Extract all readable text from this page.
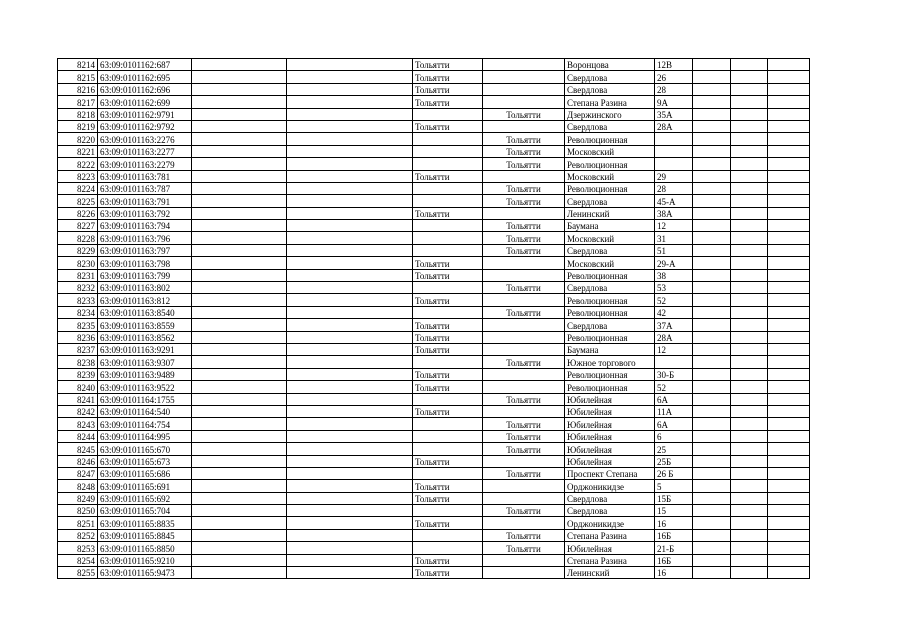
8214	63:09:0101162:687			Тольятти		Воронцова	12В			
8215	63:09:0101162:695			Тольятти		Свердлова	26			
8216	63:09:0101162:696			Тольятти		Свердлова	28			
8217	63:09:0101162:699			Тольятти		Степана Разина	9А			
8218	63:09:0101162:9791				Тольятти	Дзержинского	35А			
8219	63:09:0101162:9792			Тольятти		Свердлова	28А			
8220	63:09:0101163:2276				Тольятти	Революционная				
8221	63:09:0101163:2277				Тольятти	Московский				
8222	63:09:0101163:2279				Тольятти	Революционная				
8223	63:09:0101163:781			Тольятти		Московский	29			
8224	63:09:0101163:787				Тольятти	Революционная	28			
8225	63:09:0101163:791				Тольятти	Свердлова	45-А			
8226	63:09:0101163:792			Тольятти		Ленинский	38А			
8227	63:09:0101163:794				Тольятти	Баумана	12			
8228	63:09:0101163:796				Тольятти	Московский	31			
8229	63:09:0101163:797				Тольятти	Свердлова	51			
8230	63:09:0101163:798			Тольятти		Московский	29-А			
8231	63:09:0101163:799			Тольятти		Революционная	38			
8232	63:09:0101163:802				Тольятти	Свердлова	53			
8233	63:09:0101163:812			Тольятти		Революционная	52			
8234	63:09:0101163:8540				Тольятти	Революционная	42			
8235	63:09:0101163:8559			Тольятти		Свердлова	37А			
8236	63:09:0101163:8562			Тольятти		Революционная	28А			
8237	63:09:0101163:9291			Тольятти		Баумана	12			
8238	63:09:0101163:9307				Тольятти	Южное торгового				
8239	63:09:0101163:9489			Тольятти		Революционная	30-Б			
8240	63:09:0101163:9522			Тольятти		Революционная	52			
8241	63:09:0101164:1755				Тольятти	Юбилейная	6А			
8242	63:09:0101164:540			Тольятти		Юбилейная	11А			
8243	63:09:0101164:754				Тольятти	Юбилейная	6А			
8244	63:09:0101164:995				Тольятти	Юбилейная	6			
8245	63:09:0101165:670				Тольятти	Юбилейная	25			
8246	63:09:0101165:673			Тольятти		Юбилейная	25Б			
8247	63:09:0101165:686				Тольятти	Проспект Степана	26 Б			
8248	63:09:0101165:691			Тольятти		Орджоникидзе	5			
8249	63:09:0101165:692			Тольятти		Свердлова	15Б			
8250	63:09:0101165:704				Тольятти	Свердлова	15			
8251	63:09:0101165:8835			Тольятти		Орджоникидзе	16			
8252	63:09:0101165:8845				Тольятти	Степана Разина	16Б			
8253	63:09:0101165:8850				Тольятти	Юбилейная	21-Б			
8254	63:09:0101165:9210			Тольятти		Степана Разина	16Б			
8255	63:09:0101165:9473			Тольятти		Ленинский	16			
